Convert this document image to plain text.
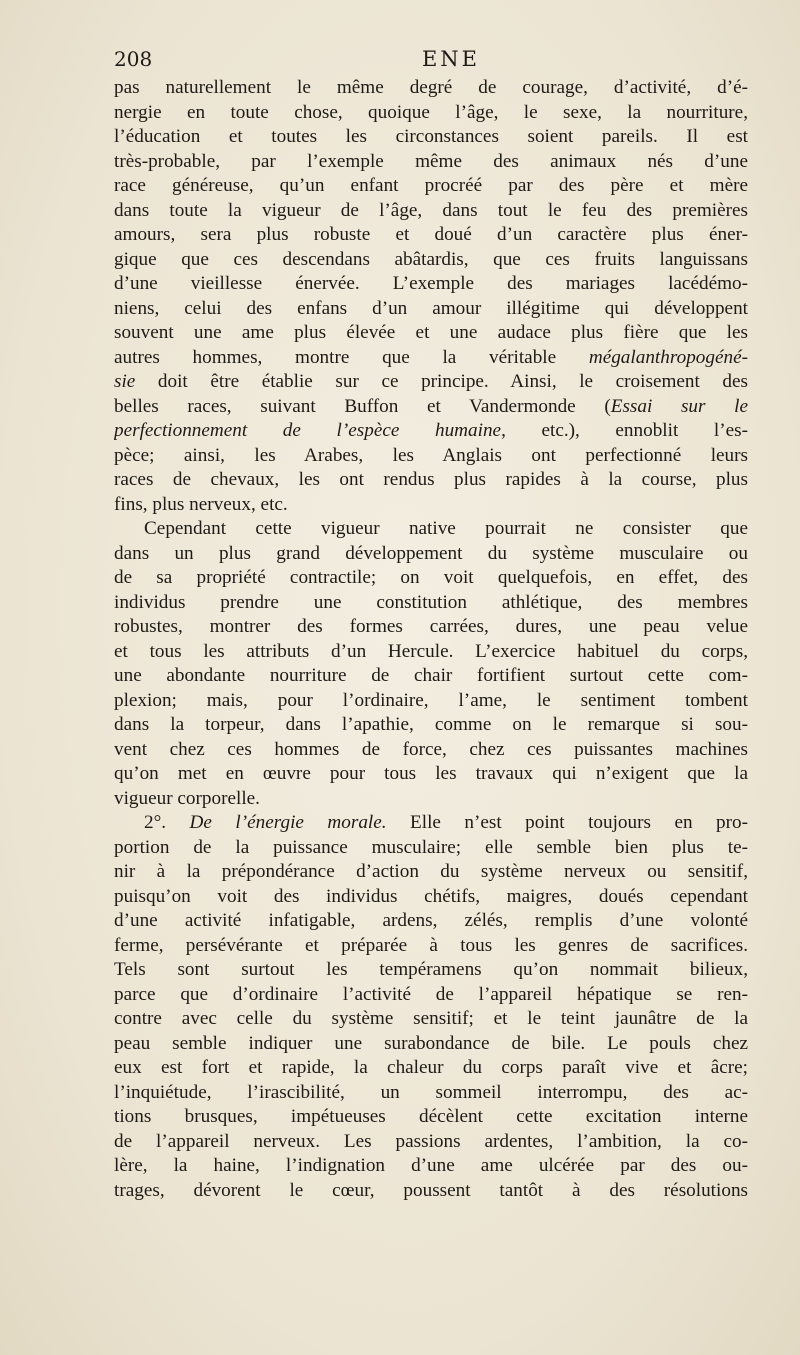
208	ENE
pas naturellement le même degré de courage, d’activité, d’é-
nergie en toute chose, quoique l’âge, le sexe, la nourriture,
l’éducation et toutes les circonstances soient pareils. Il est
très-probable, par l’exemple même des animaux nés d’une
race généreuse, qu’un enfant procréé par des père et mère
dans toute la vigueur de l’âge, dans tout le feu des premières
amours, sera plus robuste et doué d’un caractère plus éner-
gique que ces descendans abâtardis, que ces fruits languissans
d’une vieillesse énervée. L’exemple des mariages lacédémo-
niens, celui des enfans d’un amour illégitime qui développent
souvent une ame plus élevée et une audace plus fière que les
autres hommes, montre que la véritable mégalanthropogéné-
sie doit être établie sur ce principe. Ainsi, le croisement des
belles races, suivant Buffon et Vandermonde (Essai sur le
perfectionnement de l’espèce humaine, etc.), ennoblit l’es-
pèce; ainsi, les Arabes, les Anglais ont perfectionné leurs
races de chevaux, les ont rendus plus rapides à la course, plus
fins, plus nerveux, etc.
Cependant cette vigueur native pourrait ne consister que
dans un plus grand développement du système musculaire ou
de sa propriété contractile; on voit quelquefois, en effet, des
individus prendre une constitution athlétique, des membres
robustes, montrer des formes carrées, dures, une peau velue
et tous les attributs d’un Hercule. L’exercice habituel du corps,
une abondante nourriture de chair fortifient surtout cette com-
plexion; mais, pour l’ordinaire, l’ame, le sentiment tombent
dans la torpeur, dans l’apathie, comme on le remarque si sou-
vent chez ces hommes de force, chez ces puissantes machines
qu’on met en œuvre pour tous les travaux qui n’exigent que la
vigueur corporelle.
2°. De l’énergie morale. Elle n’est point toujours en pro-
portion de la puissance musculaire; elle semble bien plus te-
nir à la prépondérance d’action du système nerveux ou sensitif,
puisqu’on voit des individus chétifs, maigres, doués cependant
d’une activité infatigable, ardens, zélés, remplis d’une volonté
ferme, persévérante et préparée à tous les genres de sacrifices.
Tels sont surtout les tempéramens qu’on nommait bilieux,
parce que d’ordinaire l’activité de l’appareil hépatique se ren-
contre avec celle du système sensitif; et le teint jaunâtre de la
peau semble indiquer une surabondance de bile. Le pouls chez
eux est fort et rapide, la chaleur du corps paraît vive et âcre;
l’inquiétude, l’irascibilité, un sommeil interrompu, des ac-
tions brusques, impétueuses décèlent cette excitation interne
de l’appareil nerveux. Les passions ardentes, l’ambition, la co-
lère, la haine, l’indignation d’une ame ulcérée par des ou-
trages, dévorent le cœur, poussent tantôt à des résolutions
